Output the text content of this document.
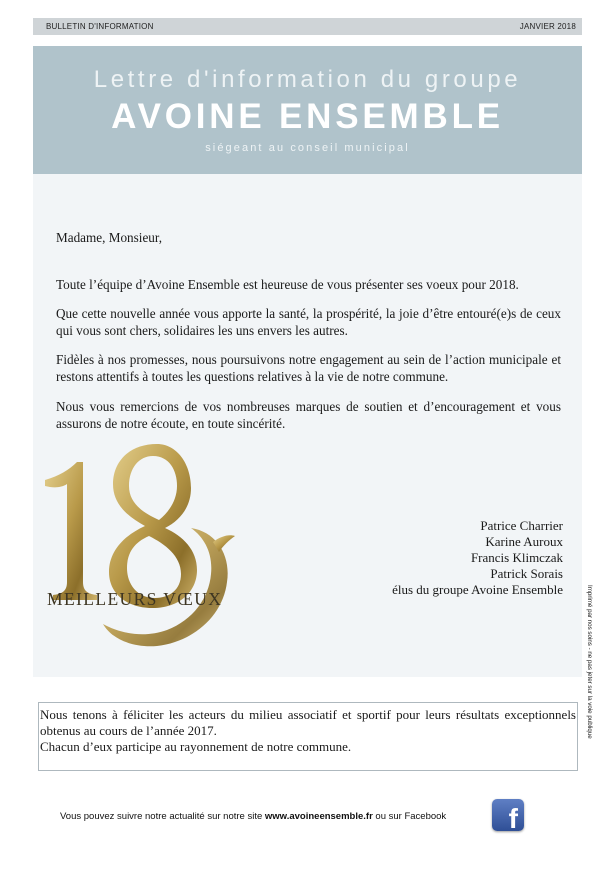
BULLETIN D'INFORMATION	JANVIER 2018
Lettre d'information du groupe
AVOINE ENSEMBLE
siégeant au conseil municipal

Madame, Monsieur,

Toute l’équipe d’Avoine Ensemble est heureuse de vous présenter ses voeux pour 2018.

Que cette nouvelle année vous apporte la santé, la prospérité, la joie d’être entouré(e)s de ceux qui vous sont chers, solidaires les uns envers les autres.

Fidèles à nos promesses, nous poursuivons notre engagement au sein de l’action municipale et restons attentifs à toutes les questions relatives à la vie de notre commune.

Nous vous remercions de vos nombreuses marques de soutien et d’encouragement et vous assurons de notre écoute, en toute sincérité.

MEILLEURS VŒUX
Patrice Charrier
Karine Auroux
Francis Klimczak
Patrick Sorais
élus du groupe Avoine Ensemble

Nous tenons à féliciter les acteurs du milieu associatif et sportif pour leurs résultats exceptionnels obtenus au cours de l’année 2017.

Chacun d’eux participe au rayonnement de notre commune.

Vous pouvez suivre notre actualité sur notre site www.avoineensemble.fr ou sur Facebook	f
Imprimé par nos soins - ne pas jeter sur la voie publique
